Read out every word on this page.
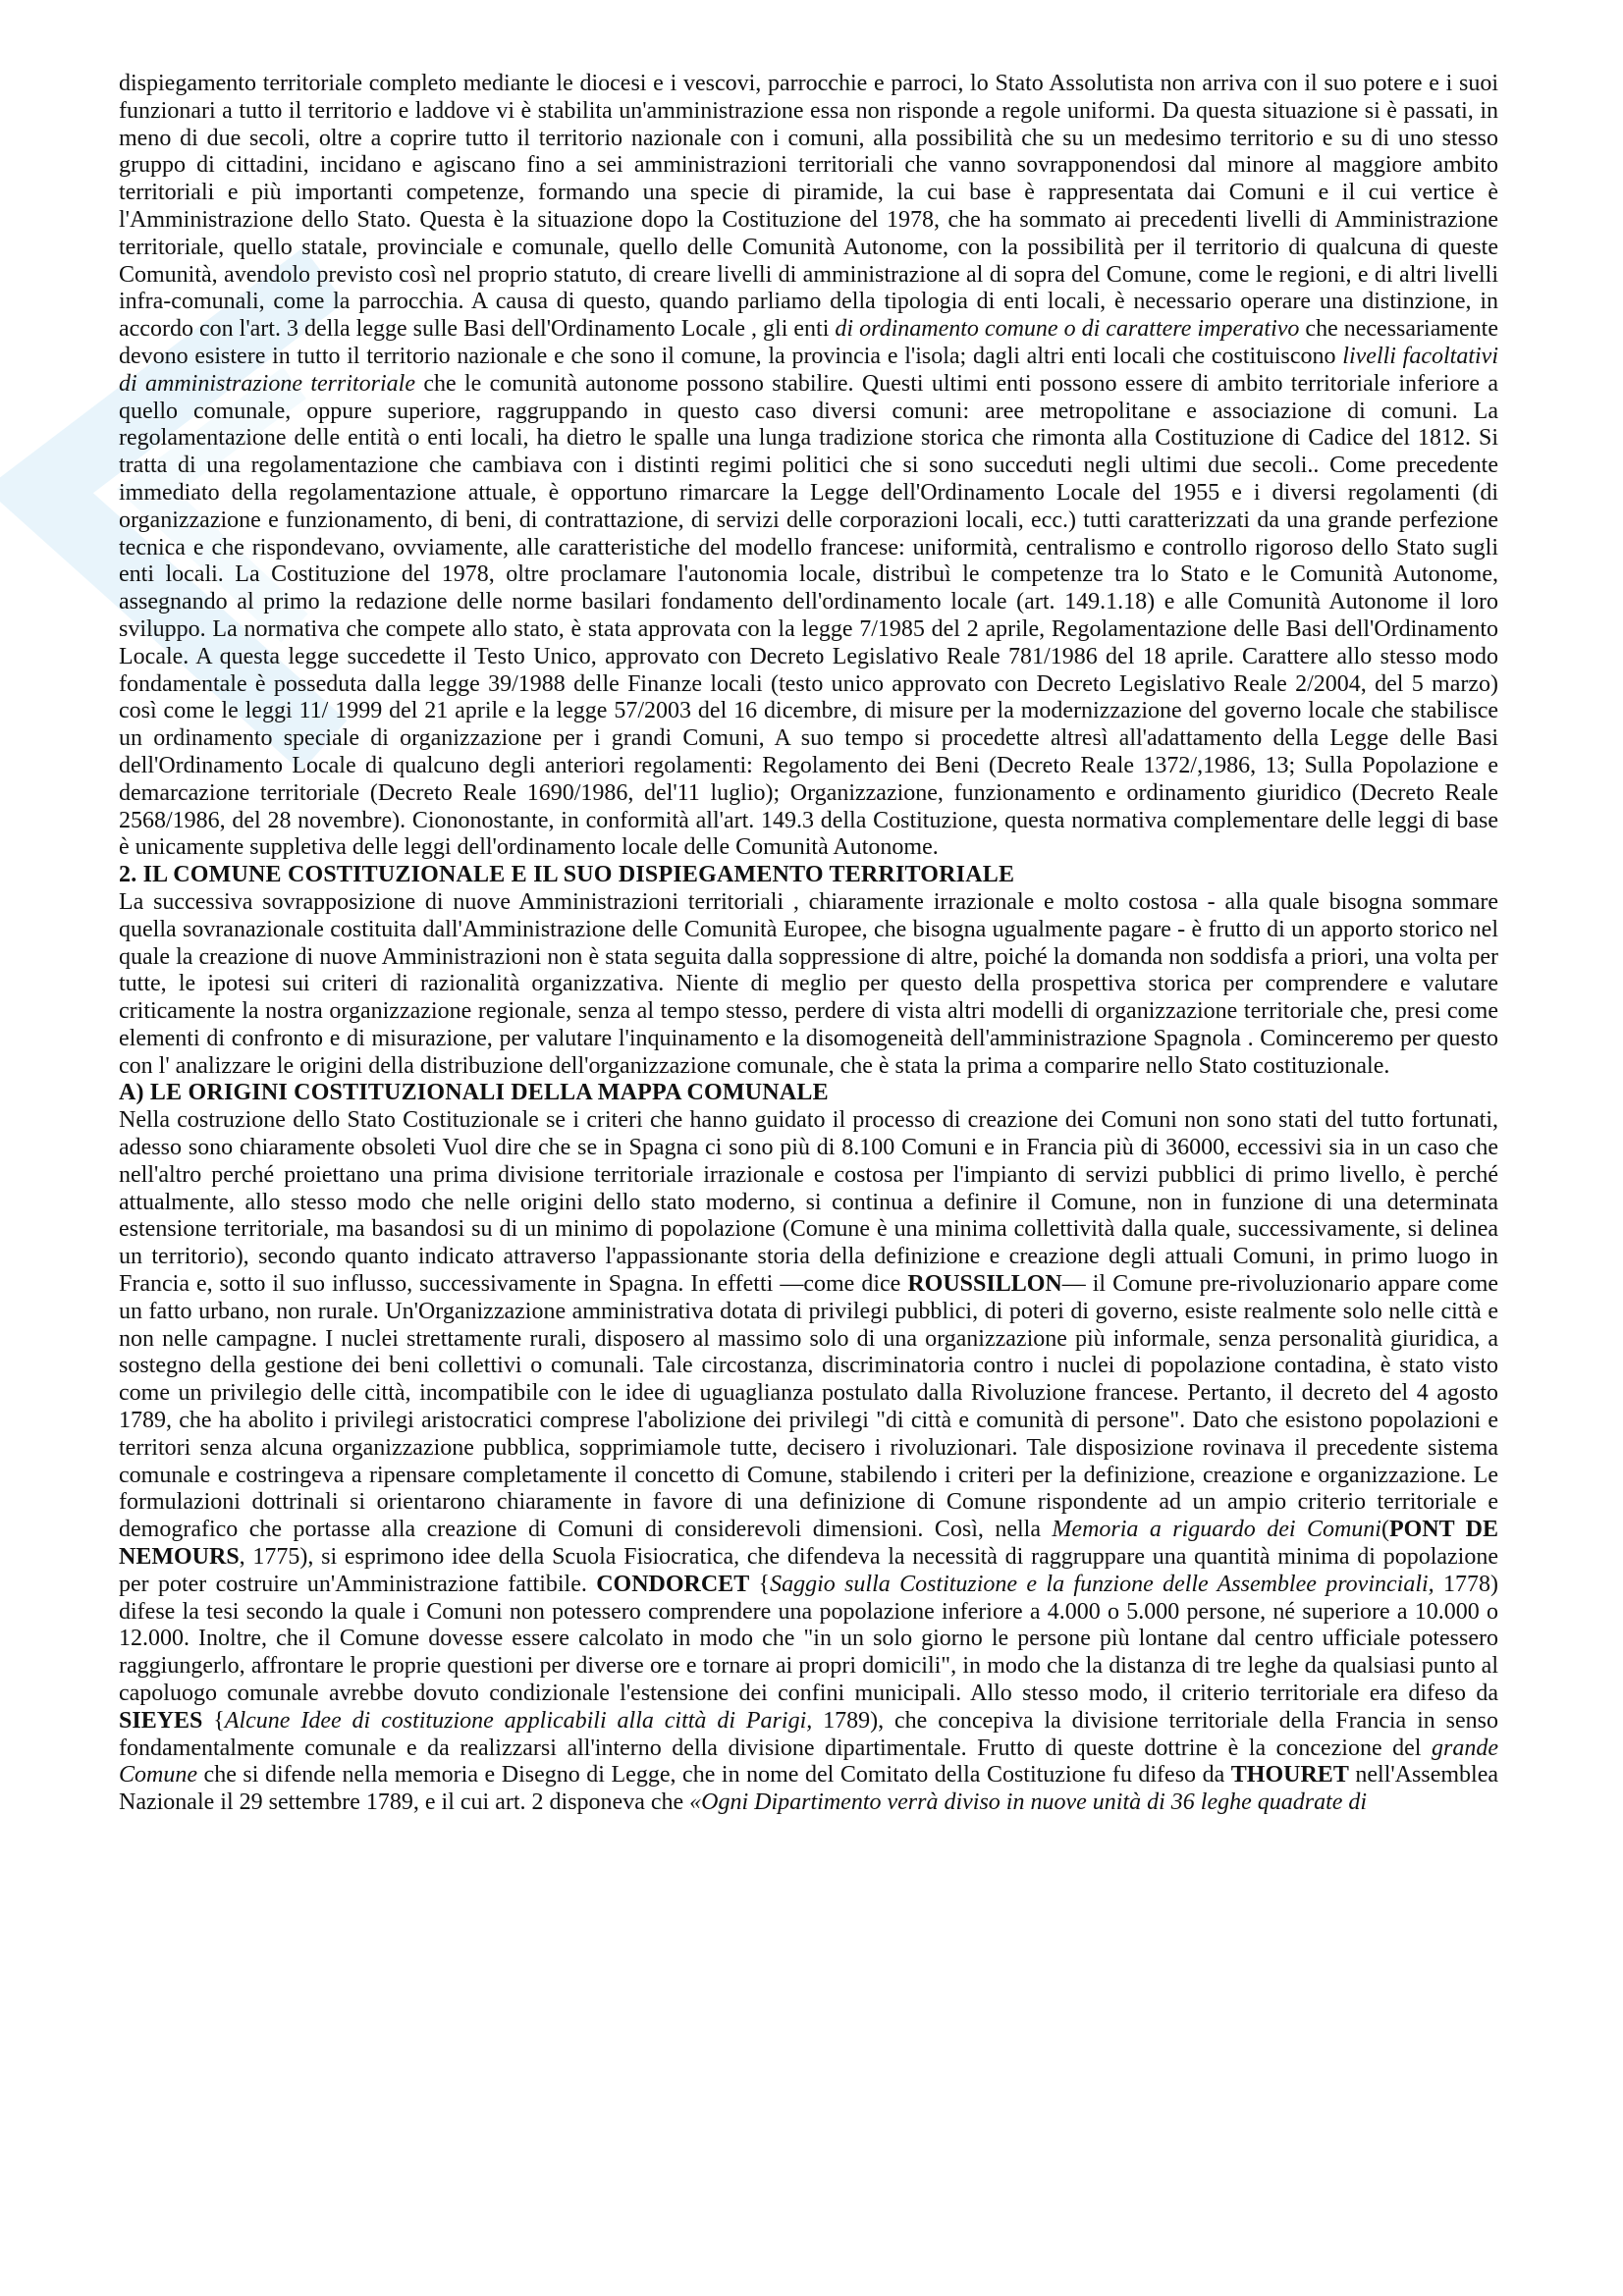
dispiegamento territoriale completo mediante le diocesi e i vescovi, parrocchie e parroci, lo Stato Assolutista non arriva con il suo potere e i suoi funzionari a tutto il territorio e laddove vi è stabilita un'amministrazione essa non risponde a regole uniformi. Da questa situazione si è passati, in meno di due secoli, oltre a coprire tutto il territorio nazionale con i comuni, alla possibilità che su un medesimo territorio e su di uno stesso gruppo di cittadini, incidano e agiscano fino a sei amministrazioni territoriali che vanno sovrapponendosi dal minore al maggiore ambito territoriali e più importanti competenze, formando una specie di piramide, la cui base è rappresentata dai Comuni e il cui vertice è l'Amministrazione dello Stato. Questa è la situazione dopo la Costituzione del 1978, che ha sommato ai precedenti livelli di Amministrazione territoriale, quello statale, provinciale e comunale, quello delle Comunità Autonome, con la possibilità per il territorio di qualcuna di queste Comunità, avendolo previsto così nel proprio statuto, di creare livelli di amministrazione al di sopra del Comune, come le regioni, e di altri livelli infra-comunali, come la parrocchia. A causa di questo, quando parliamo della tipologia di enti locali, è necessario operare una distinzione, in accordo con l'art. 3 della legge sulle Basi dell'Ordinamento Locale , gli enti di ordinamento comune o di carattere imperativo che necessariamente devono esistere in tutto il territorio nazionale e che sono il comune, la provincia e l'isola; dagli altri enti locali che costituiscono livelli facoltativi di amministrazione territoriale che le comunità autonome possono stabilire. Questi ultimi enti possono essere di ambito territoriale inferiore a quello comunale, oppure superiore, raggruppando in questo caso diversi comuni: aree metropolitane e associazione di comuni. La regolamentazione delle entità o enti locali, ha dietro le spalle una lunga tradizione storica che rimonta alla Costituzione di Cadice del 1812. Si tratta di una regolamentazione che cambiava con i distinti regimi politici che si sono succeduti negli ultimi due secoli.. Come precedente immediato della regolamentazione attuale, è opportuno rimarcare la Legge dell'Ordinamento Locale del 1955 e i diversi regolamenti (di organizzazione e funzionamento, di beni, di contrattazione, di servizi delle corporazioni locali, ecc.) tutti caratterizzati da una grande perfezione tecnica e che rispondevano, ovviamente, alle caratteristiche del modello francese: uniformità, centralismo e controllo rigoroso dello Stato sugli enti locali. La Costituzione del 1978, oltre proclamare l'autonomia locale, distribuì le competenze tra lo Stato e le Comunità Autonome, assegnando al primo la redazione delle norme basilari fondamento dell'ordinamento locale (art. 149.1.18) e alle Comunità Autonome il loro sviluppo. La normativa che compete allo stato, è stata approvata con la legge 7/1985 del 2 aprile, Regolamentazione delle Basi dell'Ordinamento Locale. A questa legge succedette il Testo Unico, approvato con Decreto Legislativo Reale 781/1986 del 18 aprile. Carattere allo stesso modo fondamentale è posseduta dalla legge 39/1988 delle Finanze locali (testo unico approvato con Decreto Legislativo Reale 2/2004, del 5 marzo) così come le leggi 11/ 1999 del 21 aprile e la legge 57/2003 del 16 dicembre, di misure per la modernizzazione del governo locale che stabilisce un ordinamento speciale di organizzazione per i grandi Comuni, A suo tempo si procedette altresì all'adattamento della Legge delle Basi dell'Ordinamento Locale di qualcuno degli anteriori regolamenti: Regolamento dei Beni (Decreto Reale 1372/,1986, 13; Sulla Popolazione e demarcazione territoriale (Decreto Reale 1690/1986, del'11 luglio); Organizzazione, funzionamento e ordinamento giuridico (Decreto Reale 2568/1986, del 28 novembre). Ciononostante, in conformità all'art. 149.3 della Costituzione, questa normativa complementare delle leggi di base è unicamente suppletiva delle leggi dell'ordinamento locale delle Comunità Autonome.

2. IL COMUNE COSTITUZIONALE E IL SUO DISPIEGAMENTO TERRITORIALE

La successiva sovrapposizione di nuove Amministrazioni territoriali , chiaramente irrazionale e molto costosa - alla quale bisogna sommare quella sovranazionale costituita dall'Amministrazione delle Comunità Europee, che bisogna ugualmente pagare - è frutto di un apporto storico nel quale la creazione di nuove Amministrazioni non è stata seguita dalla soppressione di altre, poiché la domanda non soddisfa a priori, una volta per tutte, le ipotesi sui criteri di razionalità organizzativa. Niente di meglio per questo della prospettiva storica per comprendere e valutare criticamente la nostra organizzazione regionale, senza al tempo stesso, perdere di vista altri modelli di organizzazione territoriale che, presi come elementi di confronto e di misurazione, per valutare l'inquinamento e la disomogeneità dell'amministrazione Spagnola . Cominceremo per questo con l' analizzare le origini della distribuzione dell'organizzazione comunale, che è stata la prima a comparire nello Stato costituzionale.

A) LE ORIGINI COSTITUZIONALI DELLA MAPPA COMUNALE

Nella costruzione dello Stato Costituzionale se i criteri che hanno guidato il processo di creazione dei Comuni non sono stati del tutto fortunati, adesso sono chiaramente obsoleti Vuol dire che se in Spagna ci sono più di 8.100 Comuni e in Francia più di 36000, eccessivi sia in un caso che nell'altro perché proiettano una prima divisione territoriale irrazionale e costosa per l'impianto di servizi pubblici di primo livello, è perché attualmente, allo stesso modo che nelle origini dello stato moderno, si continua a definire il Comune, non in funzione di una determinata estensione territoriale, ma basandosi su di un minimo di popolazione (Comune è una minima collettività dalla quale, successivamente, si delinea un territorio), secondo quanto indicato attraverso l'appassionante storia della definizione e creazione degli attuali Comuni, in primo luogo in Francia e, sotto il suo influsso, successivamente in Spagna. In effetti —come dice ROUSSILLON— il Comune pre-rivoluzionario appare come un fatto urbano, non rurale. Un'Organizzazione amministrativa dotata di privilegi pubblici, di poteri di governo, esiste realmente solo nelle città e non nelle campagne. I nuclei strettamente rurali, disposero al massimo solo di una organizzazione più informale, senza personalità giuridica, a sostegno della gestione dei beni collettivi o comunali. Tale circostanza, discriminatoria contro i nuclei di popolazione contadina, è stato visto come un privilegio delle città, incompatibile con le idee di uguaglianza postulato dalla Rivoluzione francese. Pertanto, il decreto del 4 agosto 1789, che ha abolito i privilegi aristocratici comprese l'abolizione dei privilegi "di città e comunità di persone". Dato che esistono popolazioni e territori senza alcuna organizzazione pubblica, sopprimiamole tutte, decisero i rivoluzionari. Tale disposizione rovinava il precedente sistema comunale e costringeva a ripensare completamente il concetto di Comune, stabilendo i criteri per la definizione, creazione e organizzazione. Le formulazioni dottrinali si orientarono chiaramente in favore di una definizione di Comune rispondente ad un ampio criterio territoriale e demografico che portasse alla creazione di Comuni di considerevoli dimensioni. Così, nella Memoria a riguardo dei Comuni(PONT DE NEMOURS, 1775), si esprimono idee della Scuola Fisiocratica, che difendeva la necessità di raggruppare una quantità minima di popolazione per poter costruire un'Amministrazione fattibile. CONDORCET {Saggio sulla Costituzione e la funzione delle Assemblee provinciali, 1778) difese la tesi secondo la quale i Comuni non potessero comprendere una popolazione inferiore a 4.000 o 5.000 persone, né superiore a 10.000 o 12.000. Inoltre, che il Comune dovesse essere calcolato in modo che "in un solo giorno le persone più lontane dal centro ufficiale potessero raggiungerlo, affrontare le proprie questioni per diverse ore e tornare ai propri domicili", in modo che la distanza di tre leghe da qualsiasi punto al capoluogo comunale avrebbe dovuto condizionale l'estensione dei confini municipali. Allo stesso modo, il criterio territoriale era difeso da SIEYES {Alcune Idee di costituzione applicabili alla città di Parigi, 1789), che concepiva la divisione territoriale della Francia in senso fondamentalmente comunale e da realizzarsi all'interno della divisione dipartimentale. Frutto di queste dottrine è la concezione del grande Comune che si difende nella memoria e Disegno di Legge, che in nome del Comitato della Costituzione fu difeso da THOURET nell'Assemblea Nazionale il 29 settembre 1789, e il cui art. 2 disponeva che «Ogni Dipartimento verrà diviso in nuove unità di 36 leghe quadrate di
